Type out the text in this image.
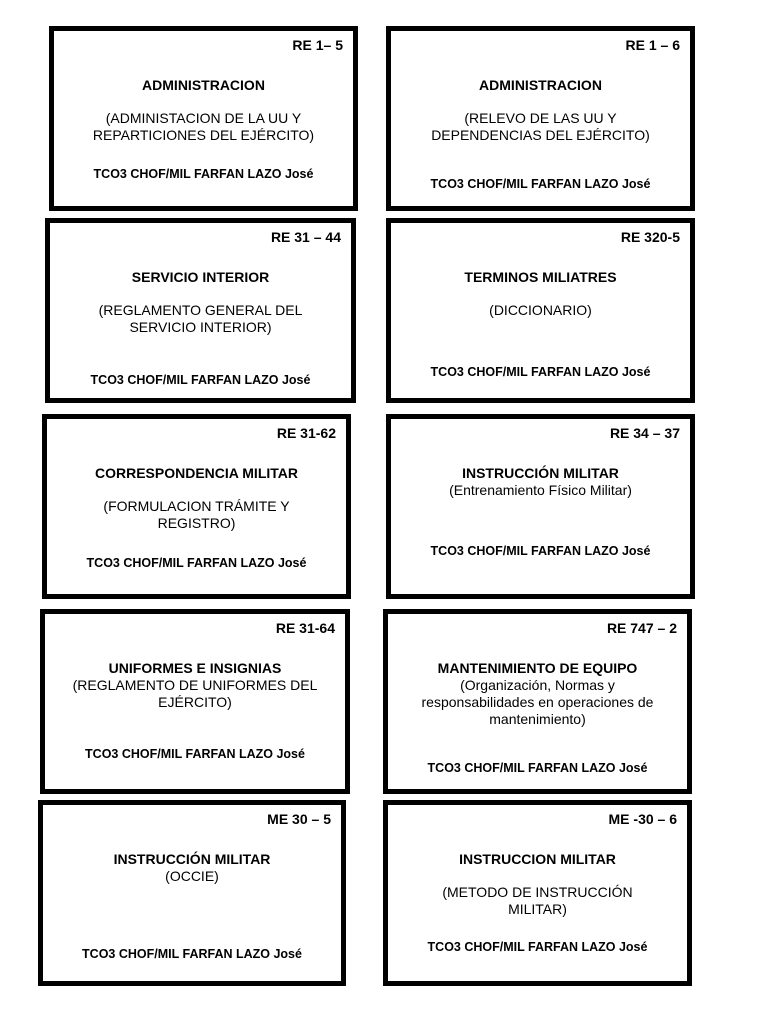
RE 1– 5
ADMINISTRACION
(ADMINISTACION DE LA UU Y
REPARTICIONES DEL EJÉRCITO)
TCO3 CHOF/MIL FARFAN LAZO José
RE 1 – 6
ADMINISTRACION
(RELEVO DE LAS UU Y
DEPENDENCIAS DEL EJÉRCITO)
TCO3 CHOF/MIL FARFAN LAZO José
RE 31 – 44
SERVICIO INTERIOR
(REGLAMENTO GENERAL DEL
SERVICIO INTERIOR)
TCO3 CHOF/MIL FARFAN LAZO José
RE 320-5
TERMINOS MILIATRES
(DICCIONARIO)
TCO3 CHOF/MIL FARFAN LAZO José
RE 31-62
CORRESPONDENCIA MILITAR
(FORMULACION TRÁMITE Y
REGISTRO)
TCO3 CHOF/MIL FARFAN LAZO José
RE 34 – 37
INSTRUCCIÓN MILITAR
(Entrenamiento Físico Militar)
TCO3 CHOF/MIL FARFAN LAZO José
RE 31-64
UNIFORMES E INSIGNIAS
(REGLAMENTO DE UNIFORMES DEL
EJÉRCITO)
TCO3 CHOF/MIL FARFAN LAZO José
RE 747 – 2
MANTENIMIENTO DE EQUIPO
(Organización, Normas y
responsabilidades en operaciones de
mantenimiento)
TCO3 CHOF/MIL FARFAN LAZO José
ME 30 – 5
INSTRUCCIÓN MILITAR
(OCCIE)
TCO3 CHOF/MIL FARFAN LAZO José
ME -30 – 6
INSTRUCCION MILITAR
(METODO DE INSTRUCCIÓN
MILITAR)
TCO3 CHOF/MIL FARFAN LAZO José
